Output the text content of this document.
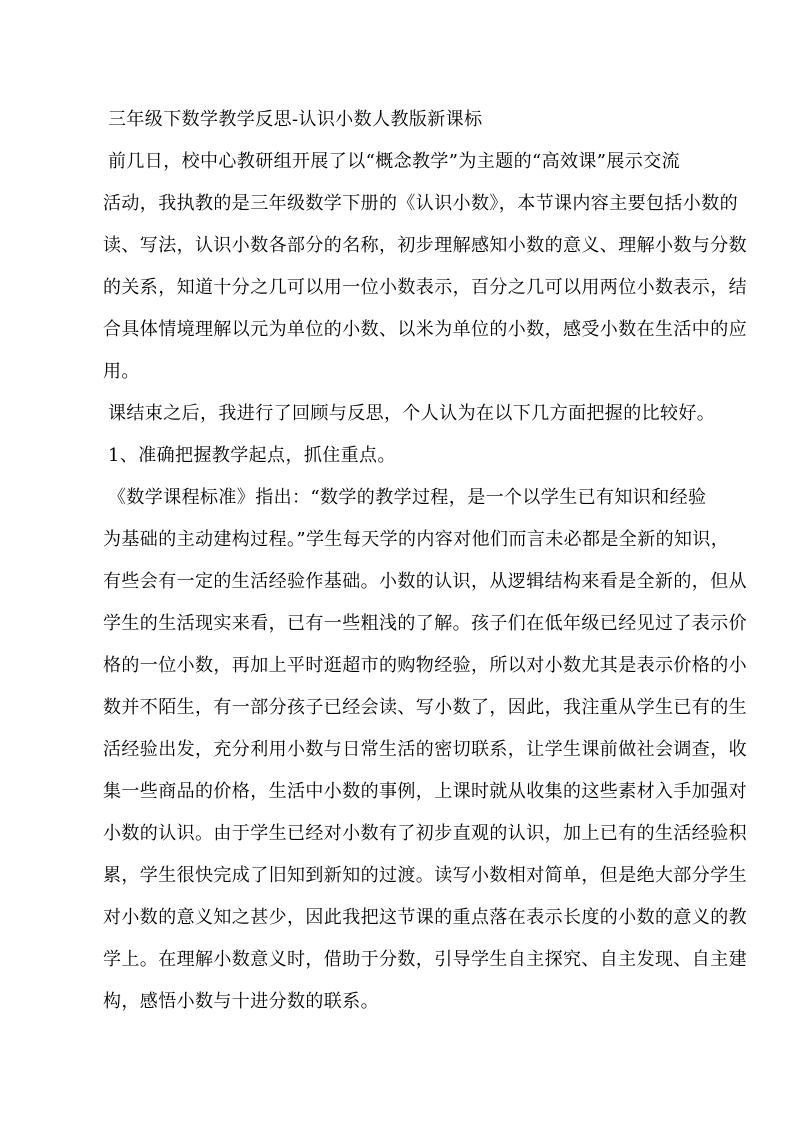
三年级下数学教学反思-认识小数人教版新课标
前几日，校中心教研组开展了以“概念教学”为主题的“高效课”展示交流
活动，我执教的是三年级数学下册的《认识小数》，本节课内容主要包括小数的
读、写法，认识小数各部分的名称，初步理解感知小数的意义、理解小数与分数
的关系，知道十分之几可以用一位小数表示，百分之几可以用两位小数表示，结
合具体情境理解以元为单位的小数、以米为单位的小数，感受小数在生活中的应
用。
课结束之后，我进行了回顾与反思，个人认为在以下几方面把握的比较好。
1、准确把握教学起点，抓住重点。
《数学课程标准》指出：“数学的教学过程，是一个以学生已有知识和经验
为基础的主动建构过程。”学生每天学的内容对他们而言未必都是全新的知识，
有些会有一定的生活经验作基础。小数的认识，从逻辑结构来看是全新的，但从
学生的生活现实来看，已有一些粗浅的了解。孩子们在低年级已经见过了表示价
格的一位小数，再加上平时逛超市的购物经验，所以对小数尤其是表示价格的小
数并不陌生，有一部分孩子已经会读、写小数了，因此，我注重从学生已有的生
活经验出发，充分利用小数与日常生活的密切联系，让学生课前做社会调查，收
集一些商品的价格，生活中小数的事例，上课时就从收集的这些素材入手加强对
小数的认识。由于学生已经对小数有了初步直观的认识，加上已有的生活经验积
累，学生很快完成了旧知到新知的过渡。读写小数相对简单，但是绝大部分学生
对小数的意义知之甚少，因此我把这节课的重点落在表示长度的小数的意义的教
学上。在理解小数意义时，借助于分数，引导学生自主探究、自主发现、自主建
构，感悟小数与十进分数的联系。
